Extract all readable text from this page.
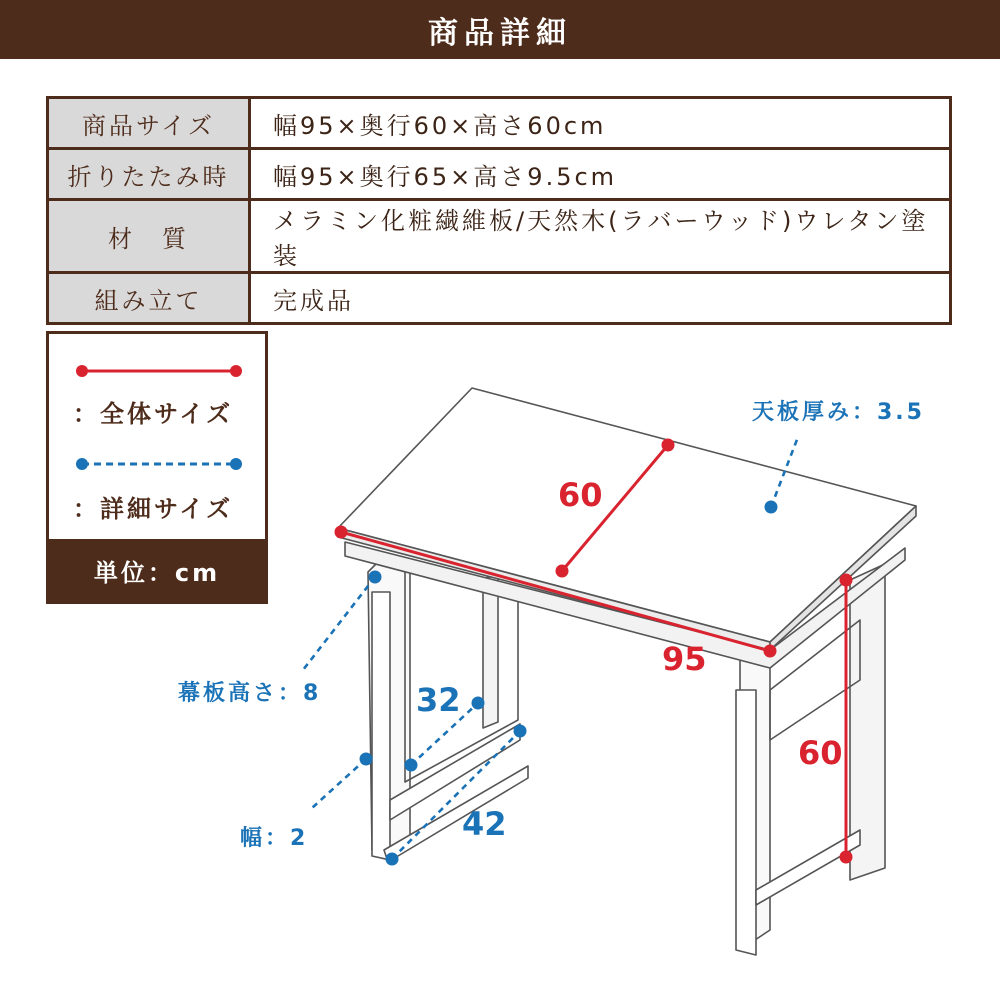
商品詳細
商品サイズ	幅95×奥行60×高さ60cm
折りたたみ時	幅95×奥行65×高さ9.5cm
材　質	メラミン化粧繊維板/天然木(ラバーウッド)ウレタン塗装
組み立て	完成品
：全体サイズ
：詳細サイズ
単位：cm
60
95
60
天板厚み：3.5
幕板高さ：8
幅：2
32
42
